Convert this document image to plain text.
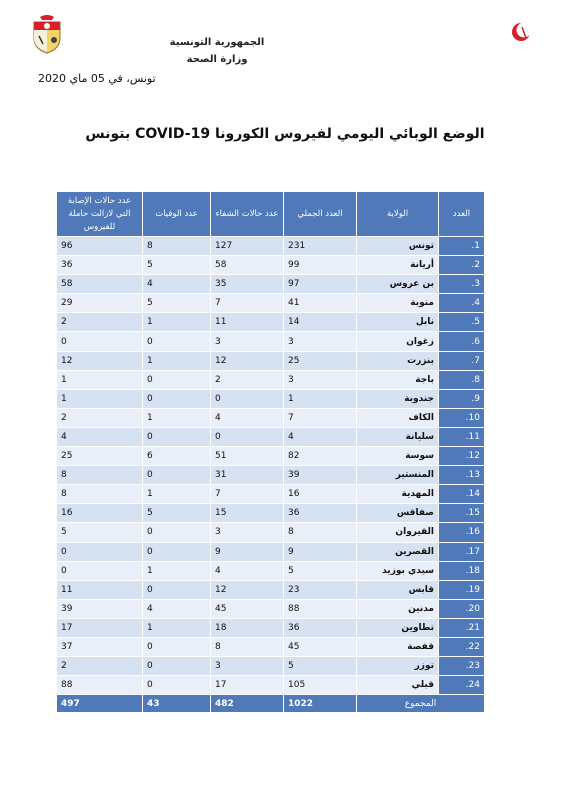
الجمهورية التونسية
وزارة الصحة
تونس، في 05 ماي 2020
الوضع الوبائي اليومي لفيروس الكورونا COVID-19 بتونس
العدد	الولاية	العدد الجملي	عدد حالات الشفاء	عدد الوفيات	عدد حالات الإصابة التي لازالت حاملة للفيروس
1.	تونس	231	127	8	96
2.	أريانة	99	58	5	36
3.	بن عروس	97	35	4	58
4.	منوبة	41	7	5	29
5.	نابل	14	11	1	2
6.	زغوان	3	3	0	0
7.	بنزرت	25	12	1	12
8.	باجة	3	2	0	1
9.	جندوبة	1	0	0	1
10.	الكاف	7	4	1	2
11.	سليانة	4	0	0	4
12.	سوسة	82	51	6	25
13.	المنستير	39	31	0	8
14.	المهدية	16	7	1	8
15.	صفاقس	36	15	5	16
16.	القيروان	8	3	0	5
17.	القصرين	9	9	0	0
18.	سيدي بوزيد	5	4	1	0
19.	قابس	23	12	0	11
20.	مدنين	88	45	4	39
21.	تطاوين	36	18	1	17
22.	قفصة	45	8	0	37
23.	توزر	5	3	0	2
24.	قبلي	105	17	0	88
المجموع		1022	482	43	497
